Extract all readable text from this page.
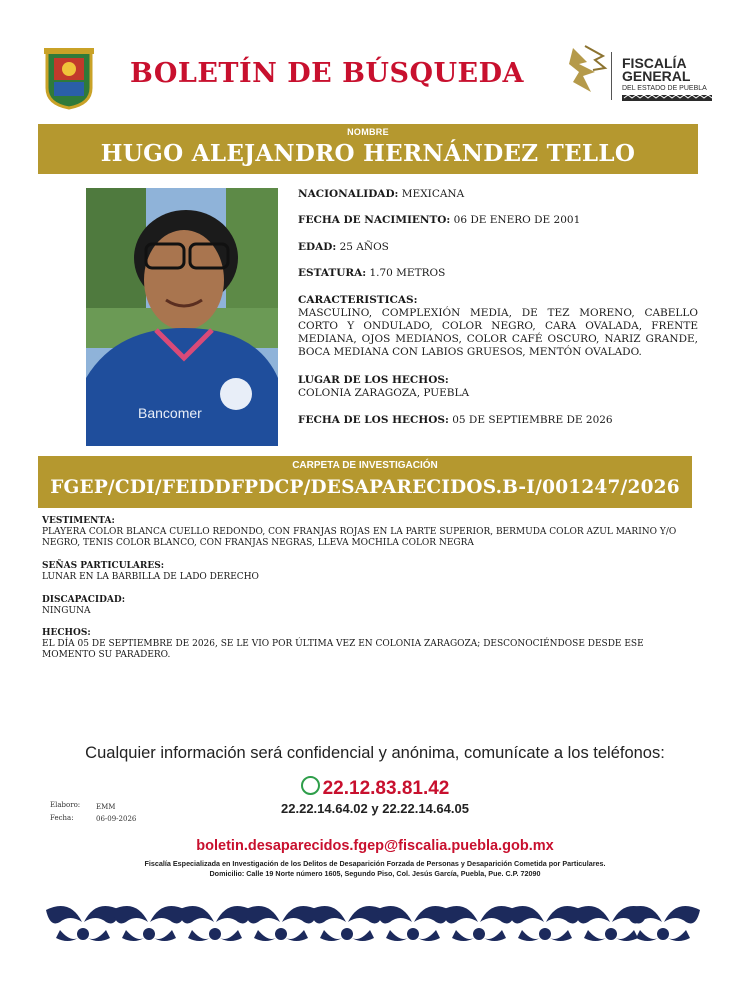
BOLETÍN DE BÚSQUEDA	FISCALÍA
GENERAL
DEL ESTADO DE PUEBLA
NOMBRE
HUGO ALEJANDRO HERNÁNDEZ TELLO
Bancomer
NACIONALIDAD: MEXICANA
FECHA DE NACIMIENTO: 06 DE ENERO DE 2001
EDAD: 25 AÑOS
ESTATURA: 1.70 METROS
CARACTERISTICAS:
MASCULINO, COMPLEXIÓN MEDIA, DE TEZ MORENO, CABELLO CORTO Y ONDULADO, COLOR NEGRO, CARA OVALADA, FRENTE MEDIANA, OJOS MEDIANOS, COLOR CAFÉ OSCURO, NARIZ GRANDE, BOCA MEDIANA CON LABIOS GRUESOS, MENTÓN OVALADO.
LUGAR DE LOS HECHOS:
COLONIA ZARAGOZA, PUEBLA
FECHA DE LOS HECHOS: 05 DE SEPTIEMBRE DE 2026
CARPETA DE INVESTIGACIÓN
FGEP/CDI/FEIDDFPDCP/DESAPARECIDOS.B-I/001247/2026
VESTIMENTA:
PLAYERA COLOR BLANCA CUELLO REDONDO, CON FRANJAS ROJAS EN LA PARTE SUPERIOR, BERMUDA COLOR AZUL MARINO Y/O NEGRO, TENIS COLOR BLANCO, CON FRANJAS NEGRAS, LLEVA MOCHILA COLOR NEGRA
SEÑAS PARTICULARES:
LUNAR EN LA BARBILLA DE LADO DERECHO
DISCAPACIDAD:
NINGUNA
HECHOS:
EL DÍA 05 DE SEPTIEMBRE DE 2026, SE LE VIO POR ÚLTIMA VEZ EN COLONIA ZARAGOZA; DESCONOCIÉNDOSE DESDE ESE MOMENTO SU PARADERO.
Cualquier información será confidencial y anónima, comunícate a los teléfonos:
22.12.83.81.42
22.22.14.64.02 y 22.22.14.64.05
Elaboro: EMM
Fecha:	06-09-2026
boletin.desaparecidos.fgep@fiscalia.puebla.gob.mx
Fiscalía Especializada en Investigación de los Delitos de Desaparición Forzada de Personas y Desaparición Cometida por Particulares.
Domicilio: Calle 19 Norte número 1605, Segundo Piso, Col. Jesús García, Puebla, Pue. C.P. 72090
